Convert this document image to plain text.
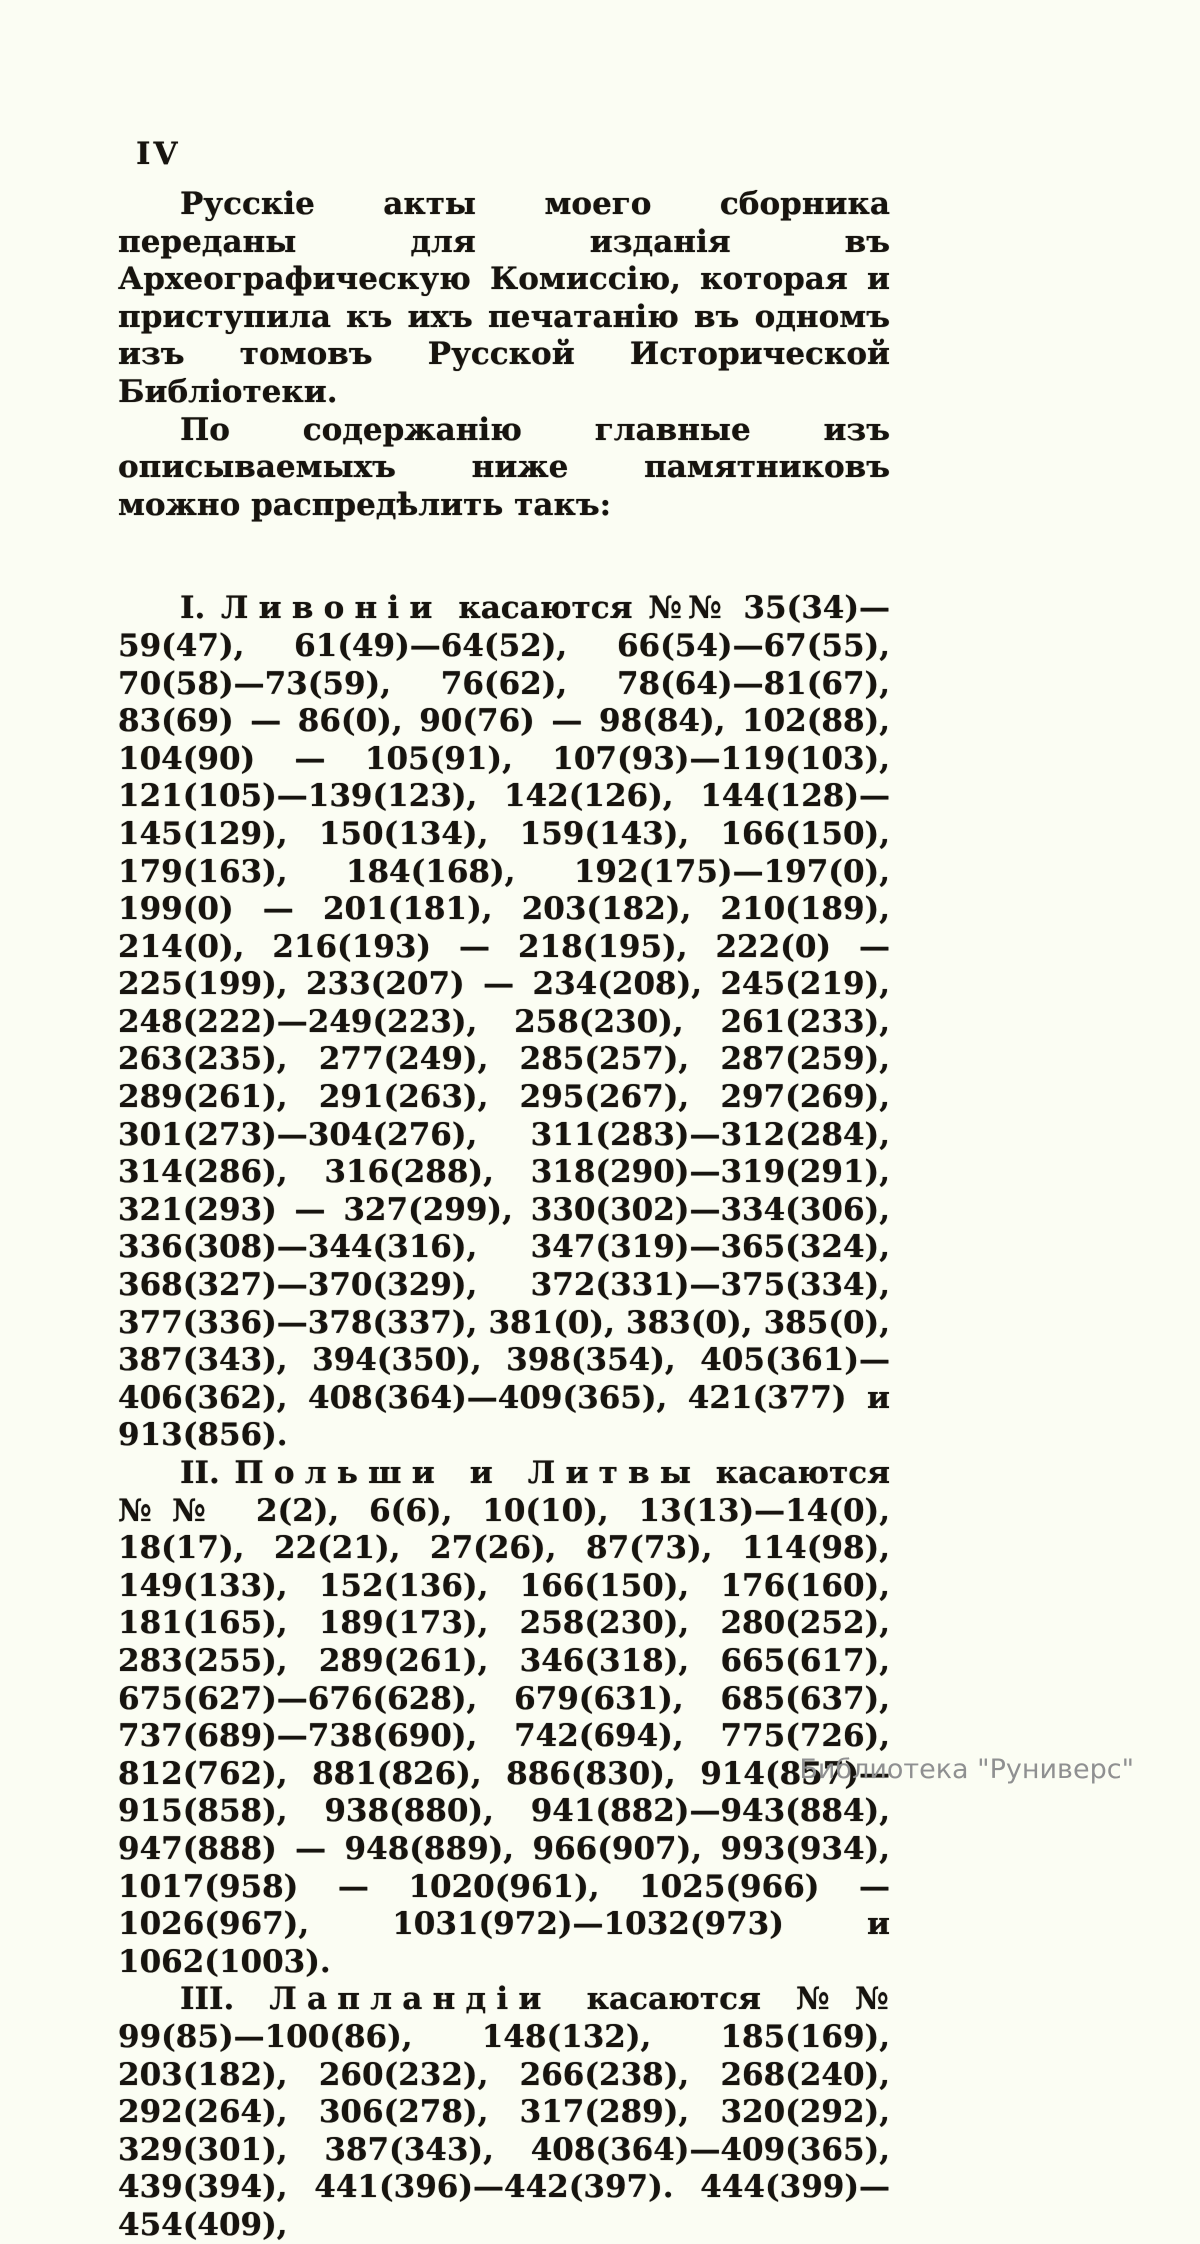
IV

Русскіе акты моего сборника переданы для изданія въ Археографическую Комиссію, которая и приступила къ ихъ печатанію въ одномъ изъ томовъ Русской Исторической Библіотеки.

По содержанію главные изъ описываемыхъ ниже памятниковъ можно распредѣлить такъ:

I. Ливоніи касаются №№ 35(34)—59(47), 61(49)—64(52), 66(54)—67(55), 70(58)—73(59), 76(62), 78(64)—81(67), 83(69) — 86(0), 90(76) — 98(84), 102(88), 104(90) — 105(91), 107(93)—119(103), 121(105)—139(123), 142(126), 144(128)—145(129), 150(134), 159(143), 166(150), 179(163), 184(168), 192(175)—197(0), 199(0) — 201(181), 203(182), 210(189), 214(0), 216(193) — 218(195), 222(0) — 225(199), 233(207) — 234(208), 245(219), 248(222)—249(223), 258(230), 261(233), 263(235), 277(249), 285(257), 287(259), 289(261), 291(263), 295(267), 297(269), 301(273)—304(276), 311(283)—312(284), 314(286), 316(288), 318(290)—319(291), 321(293) — 327(299), 330(302)—334(306), 336(308)—344(316), 347(319)—365(324), 368(327)—370(329), 372(331)—375(334), 377(336)—378(337), 381(0), 383(0), 385(0), 387(343), 394(350), 398(354), 405(361)—406(362), 408(364)—409(365), 421(377) и 913(856).

II. Польши и Литвы касаются №№ 2(2), 6(6), 10(10), 13(13)—14(0), 18(17), 22(21), 27(26), 87(73), 114(98), 149(133), 152(136), 166(150), 176(160), 181(165), 189(173), 258(230), 280(252), 283(255), 289(261), 346(318), 665(617), 675(627)—676(628), 679(631), 685(637), 737(689)—738(690), 742(694), 775(726), 812(762), 881(826), 886(830), 914(857)—915(858), 938(880), 941(882)—943(884), 947(888) — 948(889), 966(907), 993(934), 1017(958) — 1020(961), 1025(966) — 1026(967), 1031(972)—1032(973) и 1062(1003).

III. Лапландіи касаются №№ 99(85)—100(86), 148(132), 185(169), 203(182), 260(232), 266(238), 268(240), 292(264), 306(278), 317(289), 320(292), 329(301), 387(343), 408(364)—409(365), 439(394), 441(396)—442(397). 444(399)—454(409),

Библиотека "Руниверс"
